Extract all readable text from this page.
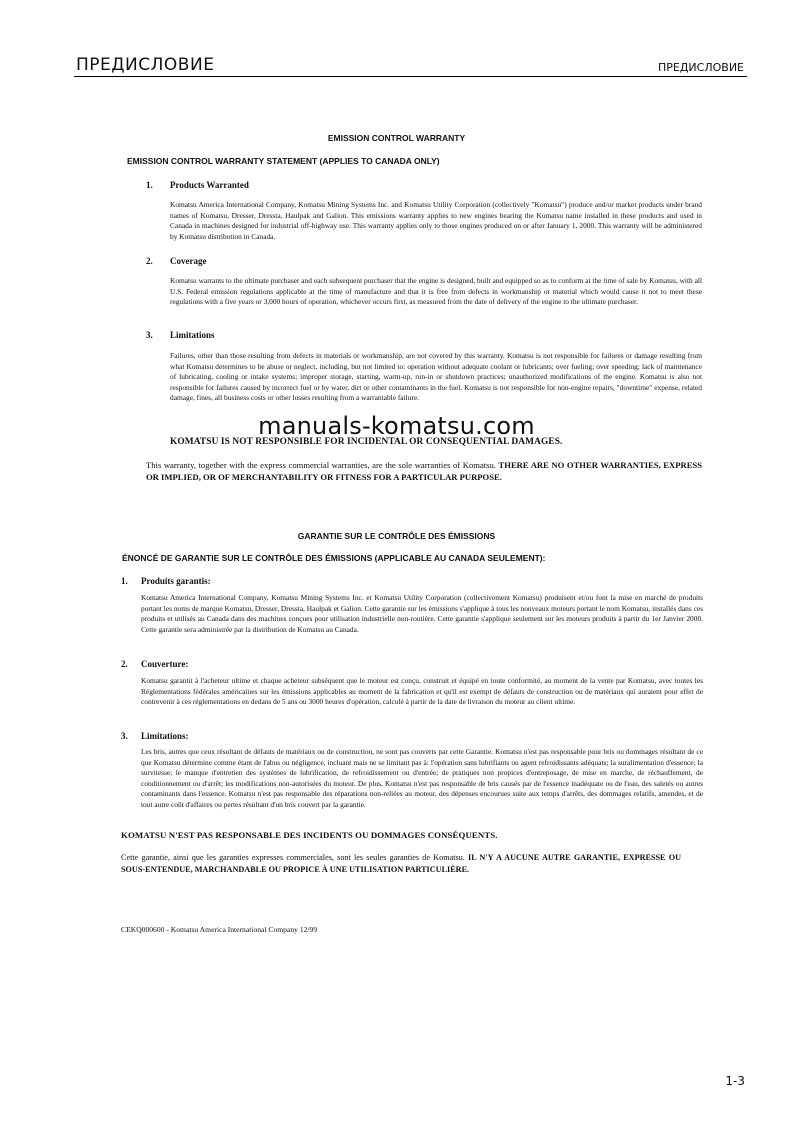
ПРЕДИСЛОВИЕ	ПРЕДИСЛОВИЕ
EMISSION CONTROL WARRANTY
EMISSION CONTROL WARRANTY STATEMENT (APPLIES TO CANADA ONLY)
1. Products Warranted
Komatsu America International Company, Komatsu Mining Systems Inc. and Komatsu Utility Corporation (collectively "Komatsu") produce and/or market products under brand names of Komatsu, Dresser, Dressta, Haulpak and Galion. This emissions warranty applies to new engines bearing the Komatsu name installed in these products and used in Canada in machines designed for industrial off-highway use. This warranty applies only to those engines produced on or after January 1, 2000. This warranty will be administered by Komatsu distribution in Canada.
2. Coverage
Komatsu warrants to the ultimate purchaser and each subsequent purchaser that the engine is designed, built and equipped so as to conform at the time of sale by Komatsu, with all U.S. Federal emission regulations applicable at the time of manufacture and that it is free from defects in workmanship or material which would cause it not to meet these regulations with a five years or 3,000 hours of operation, whichever occurs first, as measured from the date of delivery of the engine to the ultimate purchaser.
3. Limitations
Failures, other than those resulting from defects in materials or workmanship, are not covered by this warranty. Komatsu is not responsible for failures or damage resulting from what Komatsu determines to be abuse or neglect, including, but not limited to: operation without adequate coolant or lubricants; over fueling; over speeding; lack of maintenance of lubricating, cooling or intake systems; improper storage, starting, warm-up, run-in or shutdown practices; unauthorized modifications of the engine. Komatsu is also not responsible for failures caused by incorrect fuel or by water, dirt or other contaminants in the fuel. Komatsu is not responsible for non-engine repairs, "downtime" expense, related damage, fines, all business costs or other losses resulting from a warrantable failure.
manuals-komatsu.com
KOMATSU IS NOT RESPONSIBLE FOR INCIDENTAL OR CONSEQUENTIAL DAMAGES.
This warranty, together with the express commercial warranties, are the sole warranties of Komatsu. THERE ARE NO OTHER WARRANTIES, EXPRESS OR IMPLIED, OR OF MERCHANTABILITY OR FITNESS FOR A PARTICULAR PURPOSE.
GARANTIE SUR LE CONTRÔLE DES ÉMISSIONS
ÉNONCÉ DE GARANTIE SUR LE CONTRÔLE DES ÉMISSIONS (APPLICABLE AU CANADA SEULEMENT):
1. Produits garantis:
Komatsu America International Company, Komatsu Mining Systems Inc. et Komatsu Utility Corporation (collectivement Komatsu) produisent et/ou font la mise en marché de produits portant les noms de marque Komatsu, Dresser, Dressta, Haulpak et Galion. Cette garantie sur les émissions s'applique à tous les nouveaux moteurs portant le nom Komatsu, installés dans ces produits et utilisés au Canada dans des machines conçues pour utilisation industrielle non-routière. Cette garantie s'applique seulement sur les moteurs produits à partir du 1er Janvier 2000. Cette garantie sera administrée par la distribution de Komatsu au Canada.
2. Couverture:
Komatsu garantit à l'acheteur ultime et chaque acheteur subséquent que le moteur est conçu, construit et équipé en toute conformité, au moment de la vente par Komatsu, avec toutes les Réglementations fédérales américaines sur les émissions applicables au moment de la fabrication et qu'il est exempt de défauts de construction ou de matériaux qui auraient pour effet de contrevenir à ces réglementations en dedans de 5 ans ou 3000 heures d'opération, calculé à partir de la date de livraison du moteur au client ultime.
3. Limitations:
Les bris, autres que ceux résultant de défauts de matériaux ou de construction, ne sont pas couverts par cette Garantie. Komatsu n'est pas responsable pour bris ou dommages résultant de ce que Komatsu détermine comme étant de l'abus ou négligence, incluant mais ne se limitant pas à: l'opération sans lubrifiants ou agent refroidissants adéquats; la suralimentation d'essence; la survitesse; le manque d'entretien des systèmes de lubrification, de refroidissement ou d'entrée; de pratiques non propices d'entreposage, de mise en marche, de réchauffement, de conditionnement ou d'arrêt; les modifications non-autorisées du moteur. De plus, Komatsu n'est pas responsable de bris causés par de l'essence inadéquate ou de l'eau, des saletés ou autres contaminants dans l'essence. Komatsu n'est pas responsable des réparations non-reliées au moteur, des dépenses encourues suite aux temps d'arrêts, des dommages relatifs, amendes, et de tout autre coût d'affaires ou pertes résultant d'un bris couvert par la garantie.
KOMATSU N'EST PAS RESPONSABLE DES INCIDENTS OU DOMMAGES CONSÉQUENTS.
Cette garantie, ainsi que les garanties expresses commerciales, sont les seules garanties de Komatsu. IL N'Y A AUCUNE AUTRE GARANTIE, EXPRESSE OU SOUS-ENTENDUE, MARCHANDABLE OU PROPICE À UNE UTILISATION PARTICULIÈRE.
CEKQ000600 - Komatsu America International Company 12/99
1-3
